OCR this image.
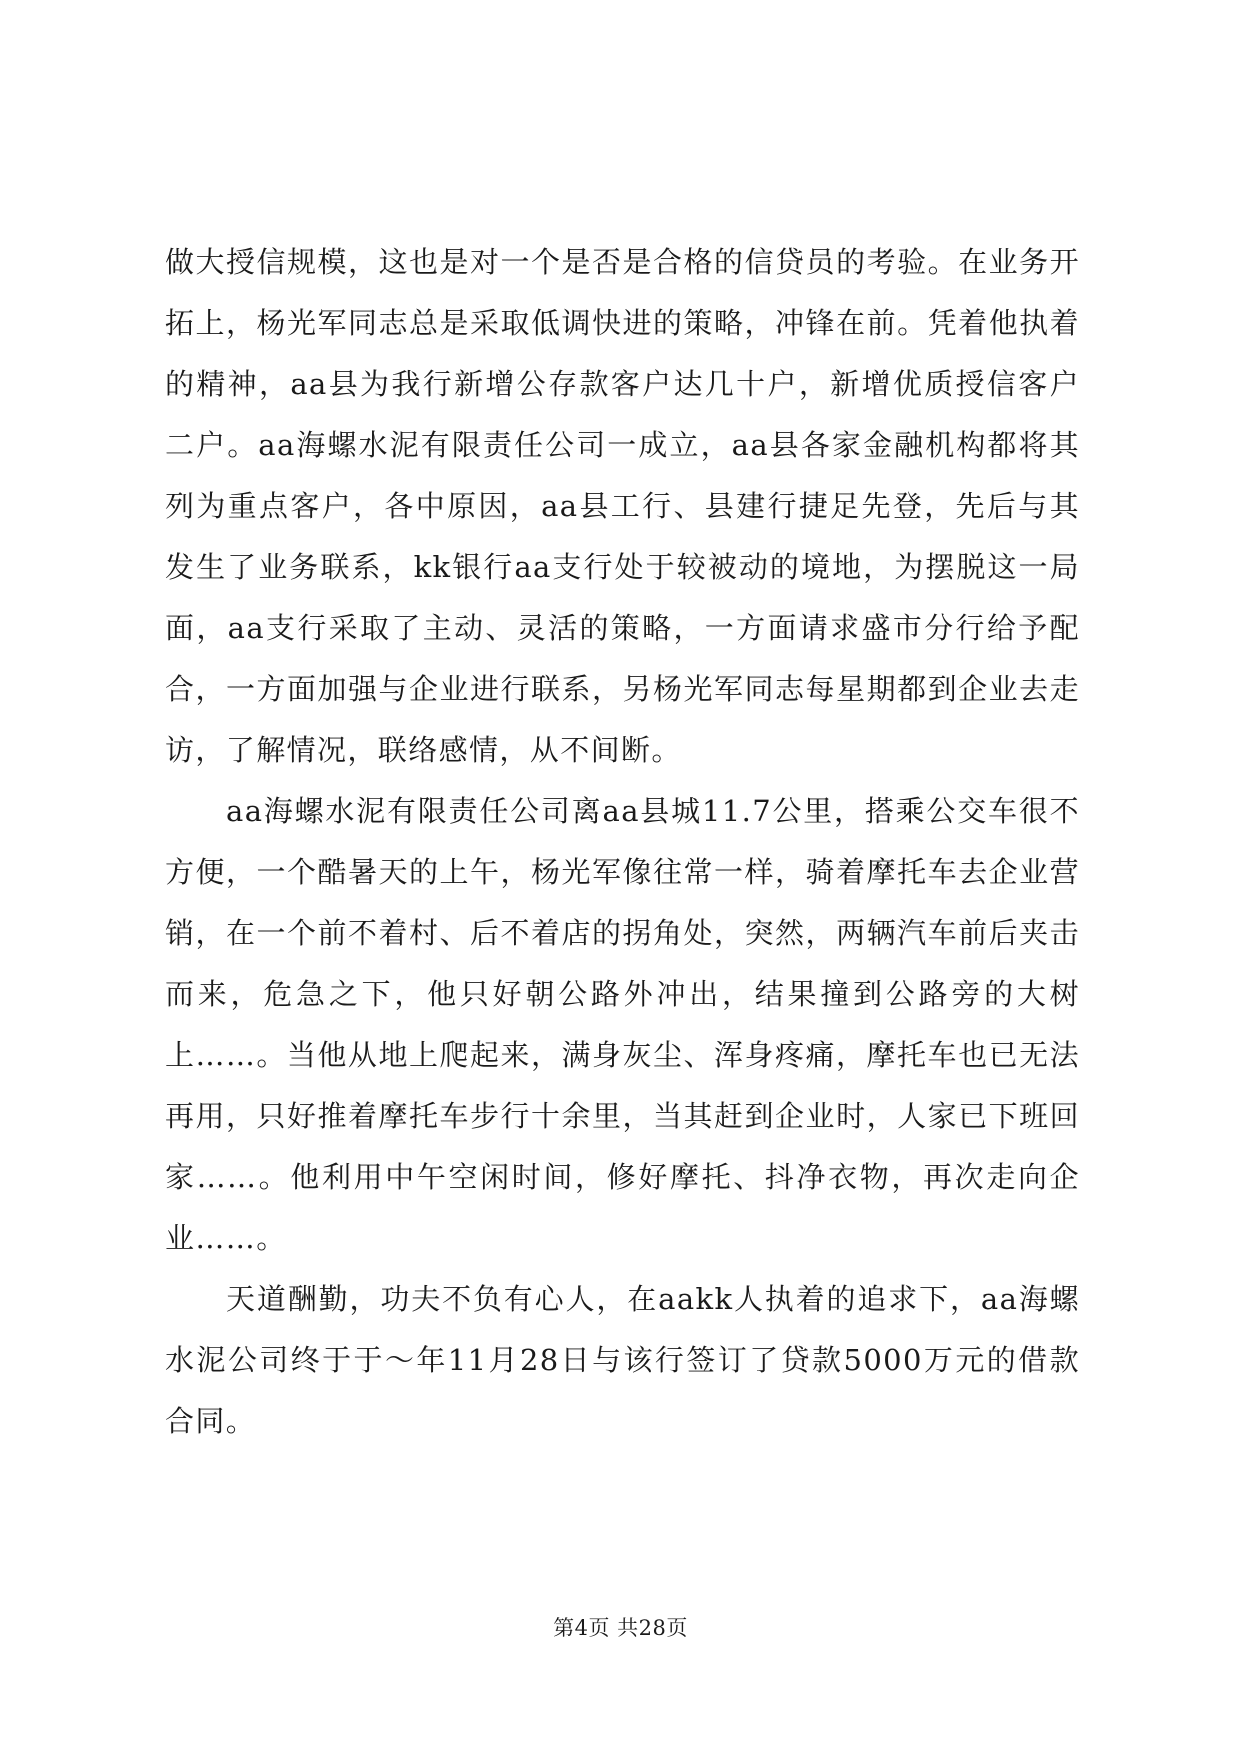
做大授信规模，这也是对一个是否是合格的信贷员的考验。在业务开拓上，杨光军同志总是采取低调快进的策略，冲锋在前。凭着他执着的精神，aa县为我行新增公存款客户达几十户，新增优质授信客户二户。aa海螺水泥有限责任公司一成立，aa县各家金融机构都将其列为重点客户，各中原因，aa县工行、县建行捷足先登，先后与其发生了业务联系，kk银行aa支行处于较被动的境地，为摆脱这一局面，aa支行采取了主动、灵活的策略，一方面请求盛市分行给予配合，一方面加强与企业进行联系，另杨光军同志每星期都到企业去走访，了解情况，联络感情，从不间断。

aa海螺水泥有限责任公司离aa县城11.7公里，搭乘公交车很不方便，一个酷暑天的上午，杨光军像往常一样，骑着摩托车去企业营销，在一个前不着村、后不着店的拐角处，突然，两辆汽车前后夹击而来，危急之下，他只好朝公路外冲出，结果撞到公路旁的大树上……。当他从地上爬起来，满身灰尘、浑身疼痛，摩托车也已无法再用，只好推着摩托车步行十余里，当其赶到企业时，人家已下班回家……。他利用中午空闲时间，修好摩托、抖净衣物，再次走向企业……。

天道酬勤，功夫不负有心人，在aakk人执着的追求下，aa海螺水泥公司终于于～年11月28日与该行签订了贷款5000万元的借款合同。

第4页 共28页
